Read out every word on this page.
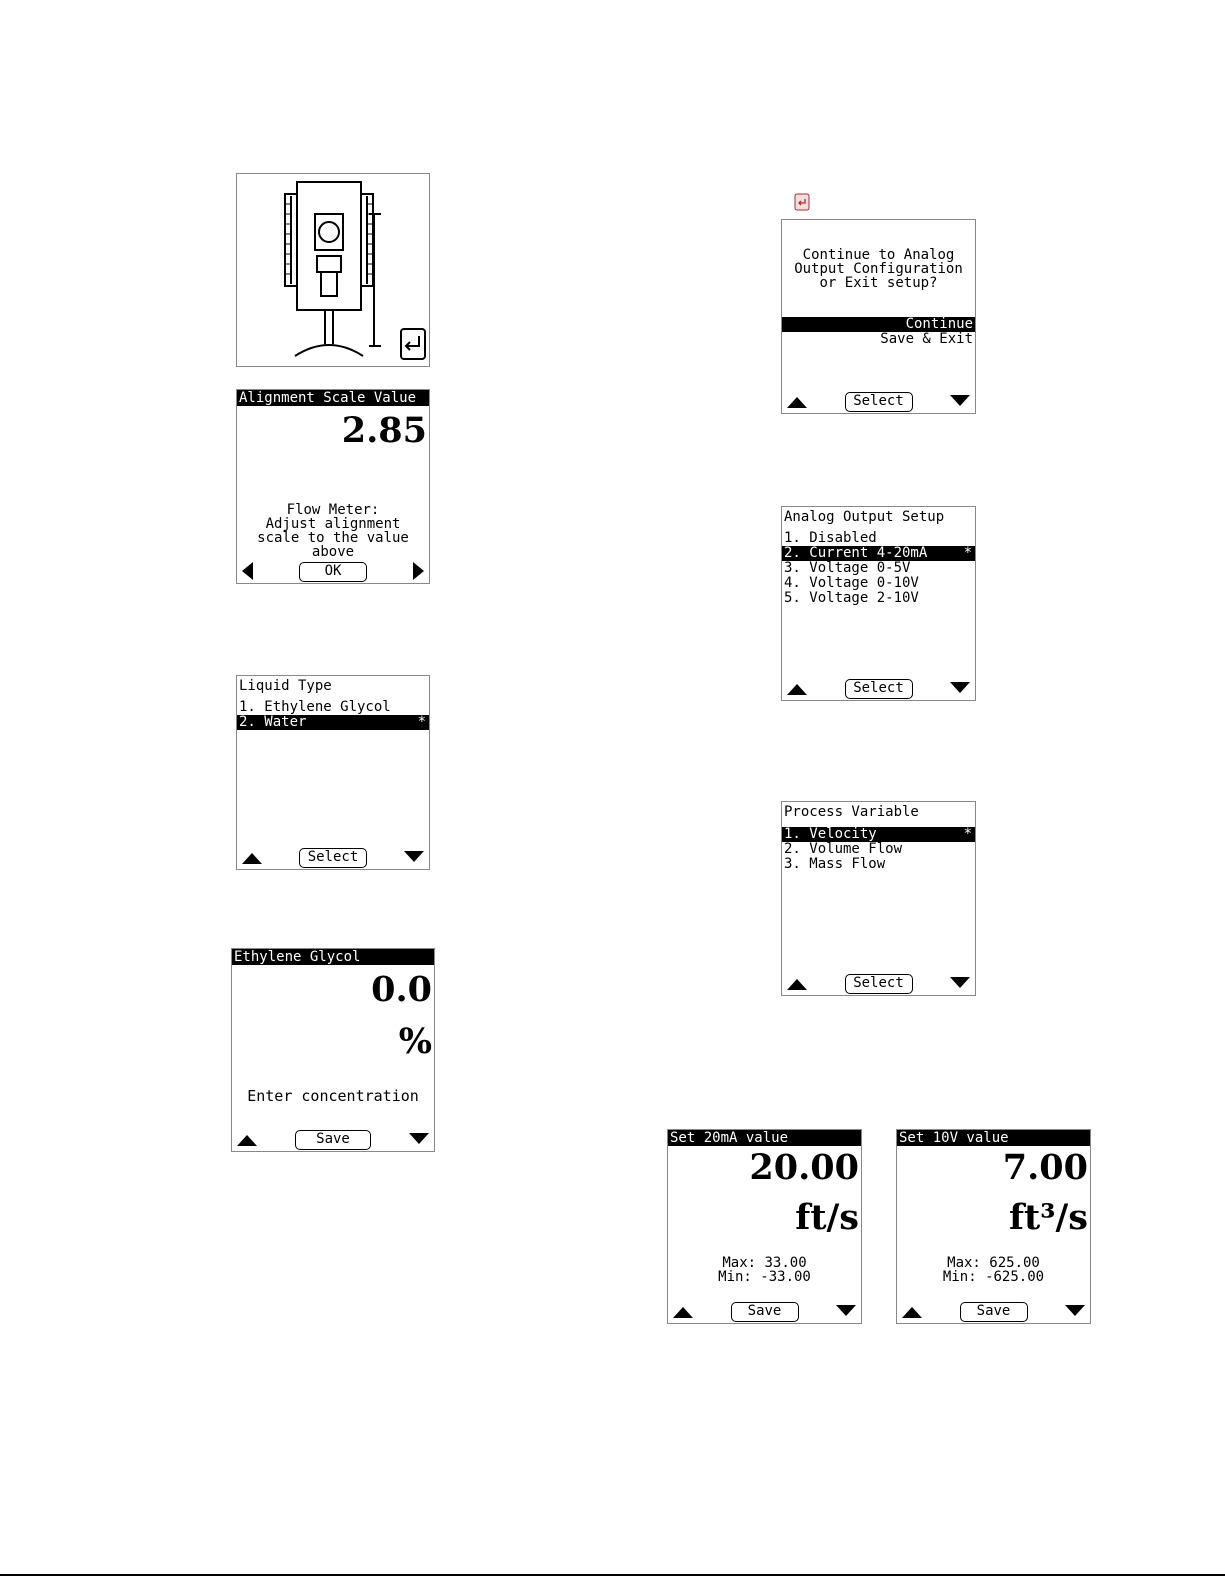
Alignment Scale Value
2.85
Flow Meter:
Adjust alignment
scale to the value
above
OK
Liquid Type
1. Ethylene Glycol
2. Water	*
Select
Ethylene Glycol
0.0
%
Enter concentration
Save
Continue to Analog
Output Configuration
or Exit setup?
Continue
Save & Exit
Select
Analog Output Setup
1. Disabled
2. Current 4-20mA	*
3. Voltage 0-5V
4. Voltage 0-10V
5. Voltage 2-10V
Select
Process Variable
1. Velocity	*
2. Volume Flow
3. Mass Flow
Select
Set 20mA value
20.00
ft/s
Max: 33.00
Min: -33.00
Save
Set 10V value
7.00
ft³/s
Max: 625.00
Min: -625.00
Save
